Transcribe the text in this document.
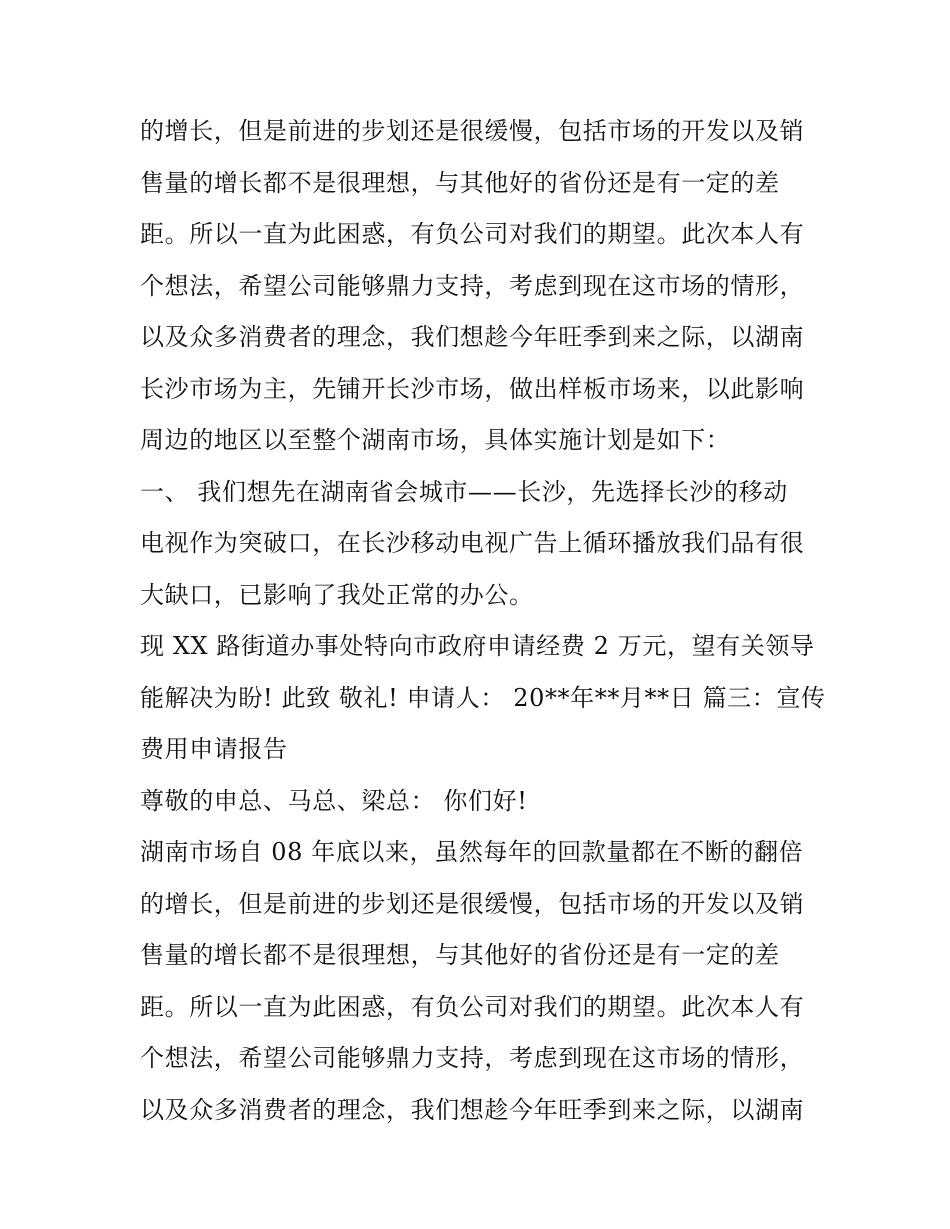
的增长，但是前进的步划还是很缓慢，包括市场的开发以及销
售量的增长都不是很理想，与其他好的省份还是有一定的差
距。所以一直为此困惑，有负公司对我们的期望。此次本人有
个想法，希望公司能够鼎力支持，考虑到现在这市场的情形，
以及众多消费者的理念，我们想趁今年旺季到来之际，以湖南
长沙市场为主，先铺开长沙市场，做出样板市场来，以此影响
周边的地区以至整个湖南市场，具体实施计划是如下：
一、 我们想先在湖南省会城市——长沙，先选择长沙的移动
电视作为突破口，在长沙移动电视广告上循环播放我们品有很
大缺口，已影响了我处正常的办公。
现 XX 路街道办事处特向市政府申请经费 2 万元，望有关领导
能解决为盼! 此致 敬礼! 申请人： 20**年**月**日 篇三：宣传
费用申请报告
尊敬的申总、马总、梁总： 你们好!
湖南市场自 08 年底以来，虽然每年的回款量都在不断的翻倍
的增长，但是前进的步划还是很缓慢，包括市场的开发以及销
售量的增长都不是很理想，与其他好的省份还是有一定的差
距。所以一直为此困惑，有负公司对我们的期望。此次本人有
个想法，希望公司能够鼎力支持，考虑到现在这市场的情形，
以及众多消费者的理念，我们想趁今年旺季到来之际，以湖南
